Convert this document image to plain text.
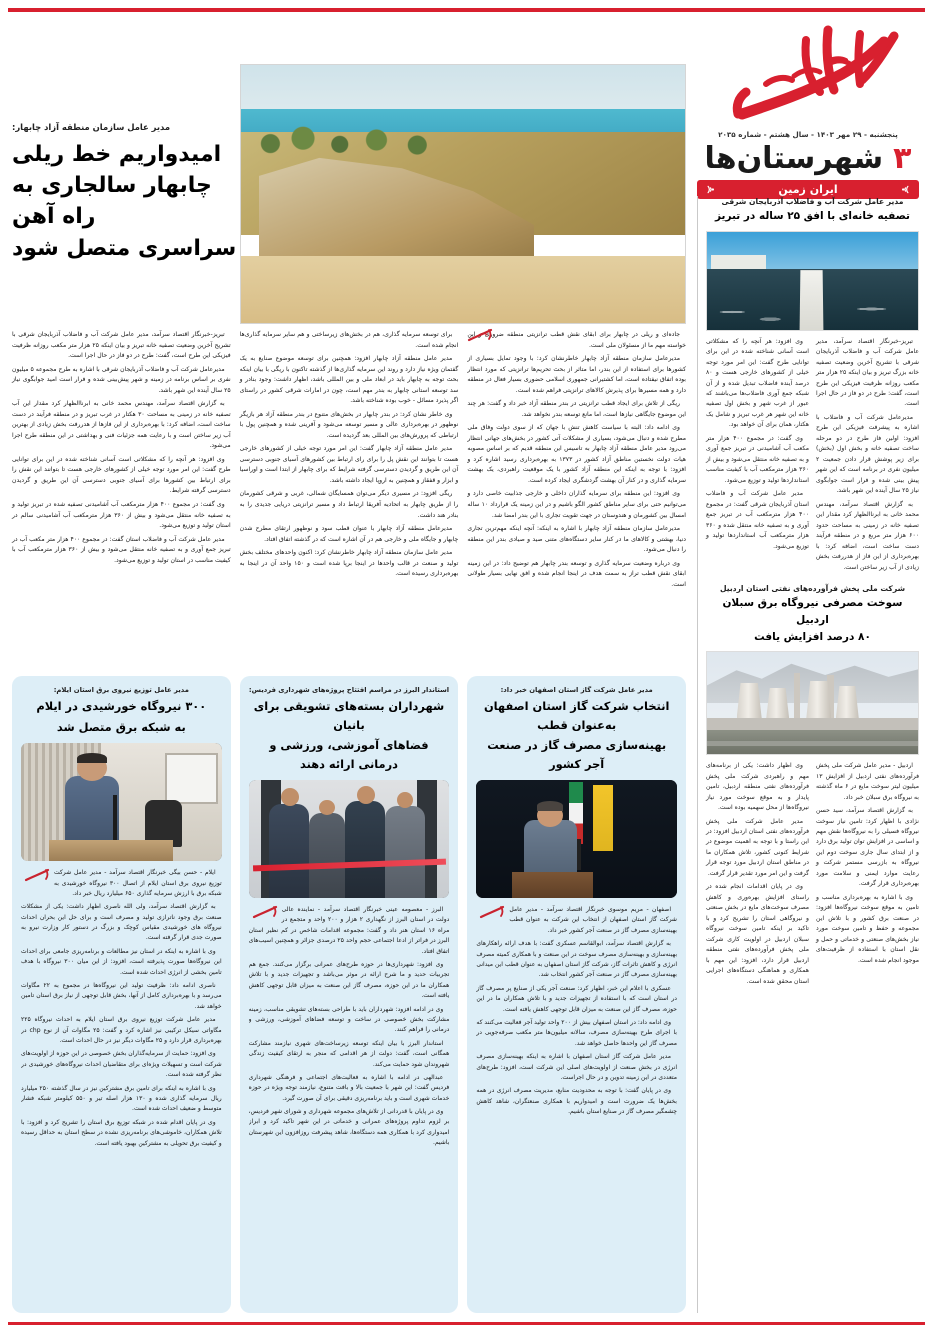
پنجشنبه - ۲۹ مهر ۱۴۰۳ - سال هشتم - شماره ۲۰۳۵
۳
شهرستان‌ها
ایران زمین
مدیر عامل شرکت آب و فاضلاب آذربایجان شرقی
تصفیه خانه‌ای با افق ۲۵ ساله در تبریز

تبریز-خبرنگار اقتصاد سرآمد، مدیر عامل شرکت آب و فاضلاب آذربایجان شرقی با تشریح آخرین وضعیت تصفیه خانه بزرگ تبریز و بیان اینکه ۲۵ هزار متر مکعب روزانه ظرفیت فیزیکی این طرح است، گفت: طرح در دو فاز در حال اجرا است.

مدیرعامل شرکت آب و فاضلاب با اشاره به پیشرفت فیزیکی این طرح افزود: اولین فاز طرح در دو مرحله ساخت تصفیه خانه و بخش اول (بخش) برای زیر پوشش قرار دادن جمعیت ۲ میلیون نفری در برنامه است که این شهر پیش بینی شده و فرار است جوابگوی نیاز ۲۵ سال آینده این شهر باشد.

به گزارش اقتصاد سرآمد، مهندس محمد خانی به ابرناالظهار کرد مقدار این تصفیه خانه در زمینی به مساحت حدود ۶۰۰ هزار متر مربع و در منطقه فرآیند دست ساخت است، اضافه کرد: با بهره‌برداری از این فاز از هدررفت بخش زیادی از آب زیر ساختن است.

وی افزود: هر آنچه را که مشکلاتی است آسانی شناخته شده در این برای توانایی طرح گفت: این امر مورد توجه خیلی از کشورهای خارجی هست و ۸۰ درصد آینده فاضلاب تبدیل شده و از آن شبکه جمع آوری فاضلاب‌ها می‌باشند که عبور از غرب شهر و بخش اول تصفیه خانه این شهر هر غرب تبریز و شامل یک هکتار، همان برای آن خواهد بود.

وی گفت: در مجموع ۴۰۰ هزار متر مکعب آب آشامیدنی در تبریز جمع آوری و به تصفیه خانه منتقل می‌شود و بیش از ۳۶۰ هزار مترمکعب آب با کیفیت مناسب استانداردها تولید و توزیع می‌شود.

مدیر عامل شرکت آب و فاضلاب استان آذربایجان شرقی گفت: در مجموع ۴۰۰ هزار مترمکعب آب در تبریز جمع آوری و به تصفیه خانه منتقل شده و ۳۶۰ هزار مترمکعب آب استانداردها تولید و توزیع می‌شود.

شرکت ملی پخش فرآورده‌های نفتی استان اردبیل
سوخت مصرفی نیروگاه برق سبلان اردبیل
۸۰ درصد افزایش یافت

اردبیل - مدیر عامل شرکت ملی پخش فرآورده‌های نفتی اردبیل از افزایش ۱۳ میلیون لیتر سوخت مایع در ۶ ماه گذشته به نیروگاه برق سبلان خبر داد.

به گزارش اقتصاد سرآمد، سید حسن نژادی با اظهار کرد: تامین نیاز سوخت نیروگاه فسیلی را به نیروگاه‌ها نقش مهم و اساسی در افزایش توان تولید برق دارد و از ابتدای سال جاری سوخت دوم این نیروگاه به بازرسی مستمر شرکت و رعایت موارد ایمنی و سلامت مورد بهره‌برداری قرار گرفت.

وی با اشاره به بهره‌برداری مناسب و تامین به موقع سوخت نیروگاه‌ها افزود: در صنعت برق کشور و با تلاش این مجموعه و حفظ و تامین سوخت مورد نیاز بخش‌های صنعتی و خدماتی و حمل و نقل استان با استفاده از ظرفیت‌های موجود انجام شده است.

وی اظهار داشت: یکی از برنامه‌های مهم و راهبردی شرکت ملی پخش فرآورده‌های نفتی منطقه اردبیل، تامین پایدار و به موقع سوخت مورد نیاز نیروگاه‌ها از محل سهمیه بوده است.

مدیر عامل شرکت ملی پخش فرآورده‌های نفتی استان اردبیل افزود: در این راستا و با توجه به اهمیت موضوع در شرایط کنونی کشور، تلاش همکاران ما در مناطق استان اردبیل مورد توجه قرار گرفت و این امر مورد تقدیر قرار گرفت.

وی در پایان اقدامات انجام شده در راستای افزایش بهره‌وری و کاهش مصرف سوخت‌های مایع در بخش صنعتی و نیروگاهی استان را تشریح کرد و با تاکید بر اینکه تامین سوخت نیروگاه سبلان اردبیل در اولویت کاری شرکت ملی پخش فرآورده‌های نفتی منطقه اردبیل قرار دارد، افزود: این مهم با همکاری و هماهنگی دستگاه‌های اجرایی استان محقق شده است.

مدیر عامل سازمان منطقه آزاد چابهار:
امیدواریم خط ریلی
چابهار سالجاری به راه آهن
سراسری متصل شود

جاده‌ای و ریلی در چابهار برای ابقای نقش قطب ترانزیتی منطقه ضروری و این خواسته مهم ما از مسئولان ملی است.

مدیرعامل سازمان منطقه آزاد چابهار خاطرنشان کرد: با وجود تمایل بسیاری از کشورها برای استفاده از این بندر، اما متاثر از بحث تحریم‌ها ترانزیتی که مورد انتظار بوده اتفاق نیفتاده است، اما کشتیرانی جمهوری اسلامی حضوری بسیار فعال در منطقه دارد و همه مسیرها برای پذیرش کالاهای ترانزیتی فراهم شده است.

ریگی از تلاش برای ایجاد قطب ترانزیتی در بندر منطقه آزاد خبر داد و گفت: هر چند این موضوع جایگاهی نیازها است، اما مانع توسعه بندر نخواهد شد.

وی ادامه داد: البته با سیاست کاهش تنش با جهان که از سوی دولت وفاق ملی مطرح شده و دنبال می‌شود، بسیاری از مشکلات آتی کشور در بخش‌های جهانی انتظار می‌رود مدیر عامل منطقه آزاد چابهار به تاسیس این منطقه قدیم که بر اساس مصوبه هیات دولت نخستین مناطق آزاد کشور در ۱۳۷۳ به بهره‌برداری رسید اشاره کرد و افزود: با توجه به اینکه این منطقه آزاد کشور با یک موقعیت راهبردی، یک بهشت سرمایه گذاری و در کنار آن بهشت گردشگری ایجاد کرده است.

وی افزود: این منطقه برای سرمایه گذاران داخلی و خارجی جذابیت خاصی دارد و می‌توانیم حتی برای سایر مناطق کشور الگو باشیم و در این زمینه یک قرارداد ۱۰ ساله امسال بین کشورمان و هندوستان در جهت تقویت تجاری با این بندر امضا شد.

مدیرعامل سازمان منطقه آزاد چابهار با اشاره به اینکه: آنچه اینکه مهم‌ترین تجاری دنیا، بهشتی و کالاهای ما در کنار سایر دستگاه‌های متنی صید و صیادی بندر این منطقه را دنبال می‌شود.

وی درباره وضعیت سرمایه گذاری و توسعه بندر چابهار هم توضیح داد: در این زمینه ابقای نقش قطب تراز به سمت هدف در اینجا انجام شده و افق نهایی بسیار طولانی است.

برای توسعه سرمایه گذاری، هم در بخش‌های زیرساختی و هم سایر سرمایه گذاری‌ها انجام شده است.

مدیر عامل منطقه آزاد چابهار افزود: همچنین برای توسعه موضوع صنایع به یک گفتمان ویژه نیاز دارد و روند این سرمایه گذاری‌ها از گذشته تاکنون با ریگی با بیان اینکه بحث توجه به چابهار باید در ابعاد ملی و بین المللی باشد، اظهار داشت: وجود بنادر و سد توسعه استانی چابهار به بندر مهم است، چون در امارات شرقی کشور در راستای اگر پذیرد مسائل - خوب بوده شناخته باشد.

وی خاطر نشان کرد: در بندر چابهار در بخش‌های متنوع در بندر منطقه آزاد هر بازیگر نوظهور در بهره‌برداری عالی و مسیر توسعه می‌شود و آفرینی شده و همچنین پول با ارتباطی که پرورش‌های بین المللی بعد گردیده است.

مدیر عامل منطقه آزاد چابهار گفت: این امر مورد توجه خیلی از کشورهای خارجی هست تا بتوانند این نقش پل را برای رای ارتباط بین کشورهای آسیای جنوبی دسترسی آن این طریق و گردیدن دسترسی گرفته شرایط که برای چابهار از ابتدا است و اوراسیا و ابزار و قفقاز و همچنین به اروپا ایجاد داشته باشد.

ریگی افزود: در مسیری دیگر می‌توان همسایگان شمالی، غربی و شرقی کشورمان را از طریق چابهار به اتحادیه آفریقا ارتباط داد و مسیر ترانزیتی دریایی جدیدی را به بنادر هند داشت.

مدیرعامل منطقه آزاد چابهار با عنوان قطب سود و نوظهور ارتقای مطرح شدن چابهار و جایگاه ملی و خارجی هم در آن اشاره است که در گذشته اتفاق افتاد.

مدیر عامل سازمان منطقه آزاد چابهار خاطرنشان کرد: اکنون واحدهای مختلف بخش تولید و صنعت در قالب واحدها در اینجا برپا شده است و ۱۵۰ واحد آن در اینجا به بهره‌برداری رسیده است.

تبریز-خبرنگار اقتصاد سرآمد، مدیر عامل شرکت آب و فاضلاب آذربایجان شرقی با تشریح آخرین وضعیت تصفیه خانه تبریز و بیان اینکه ۲۵ هزار متر مکعب روزانه ظرفیت فیزیکی این طرح است، گفت: طرح در دو فاز در حال اجرا است.

مدیرعامل شرکت آب و فاضلاب آذربایجان شرقی با اشاره به طرح مجموعه ۵ میلیون نفری بر اساس برنامه در زمینه و شهر پیش‌بینی شده و فرار است امید جوابگوی نیاز ۲۵ سال آینده این شهر باشد.

به گزارش اقتصاد سرآمد، مهندس محمد خانی به ابرناالظهار کرد مقدار این آب تصفیه خانه در زمینی به مساحت ۳۰ هکتار در غرب تبریز و در منطقه فرآیند در دست ساخت است، اضافه کرد: با بهره‌برداری از این فازها از هدررفت بخش زیادی از بهترین آب زیر ساختن است و با رعایت همه جزئیات فنی و بهداشتی در این منطقه طرح اجرا می‌شود.

وی افزود: هر آنچه را که مشکلاتی است آسانی شناخته شده در این برای توانایی طرح گفت: این امر مورد توجه خیلی از کشورهای خارجی هست تا بتوانند این نقش را برای ارتباط بین کشورها برای آسیای جنوبی دسترسی آن این طریق و گردیدن دسترسی گرفته شرایط.

وی گفت: در مجموع ۴۰۰ هزار مترمکعب آب آشامیدنی تصفیه شده در تبریز تولید و به تصفیه خانه منتقل می‌شود و بیش از ۳۶۰ هزار مترمکعب آب آشامیدنی سالم در استان تولید و توزیع می‌شود.

مدیر عامل شرکت آب و فاضلاب استان گفت: در مجموع ۴۰۰ هزار متر مکعب آب در تبریز جمع آوری و به تصفیه خانه منتقل می‌شود و بیش از ۳۶۰ هزار مترمکعب آب با کیفیت مناسب در استان تولید و توزیع می‌شود.

مدیر عامل شرکت گاز استان اصفهان خبر داد:
انتخاب شرکت گاز استان اصفهان به‌عنوان قطب
بهینه‌سازی مصرف گاز در صنعت آجر کشور

اصفهان - مریم موسوی خبرنگار اقتصاد سرآمد - مدیر عامل شرکت گاز استان اصفهان از انتخاب این شرکت به عنوان قطب بهینه‌سازی مصرف گاز در صنعت آجر کشور خبر داد.

به گزارش اقتصاد سرآمد، ابوالقاسم عسکری گفت: با هدف ارائه راهکارهای بهینه‌سازی و بهینه‌سازی مصرف سوخت در این صنعت و با همکاری کمیته مصرف انرژی و کاهش تاثرات گاز، شرکت گاز استان اصفهان به عنوان قطب این میدانی بهینه‌سازی مصرف گاز در صنعت آجر کشور انتخاب شد.

عسکری با اعلام این خبر، اظهار کرد: صنعت آجر یکی از صنایع پر مصرف گاز در استان است که با استفاده از تجهیزات جدید و با تلاش همکاران ما در این حوزه، مصرف گاز این صنعت به میزان قابل توجهی کاهش یافته است.

وی ادامه داد: در استان اصفهان بیش از ۲۰۰ واحد تولید آجر فعالیت می‌کنند که با اجرای طرح بهینه‌سازی مصرف، سالانه میلیون‌ها متر مکعب صرفه‌جویی در مصرف گاز این واحدها حاصل خواهد شد.

مدیر عامل شرکت گاز استان اصفهان با اشاره به اینکه بهینه‌سازی مصرف انرژی در بخش صنعت از اولویت‌های اصلی این شرکت است، افزود: طرح‌های متعددی در این زمینه تدوین و در حال اجراست.

وی در پایان گفت: با توجه به محدودیت منابع، مدیریت مصرف انرژی در همه بخش‌ها یک ضرورت است و امیدواریم با همکاری صنعتگران، شاهد کاهش چشمگیر مصرف گاز در صنایع استان باشیم.

استاندار البرز در مراسم افتتاح پروژه‌های شهرداری فردیس:
شهرداران بسته‌های تشویقی برای بانیان
فضاهای آموزشی، ورزشی و درمانی ارائه دهند

البرز - معصومه عینی خبرنگار اقتصاد سرآمد - نماینده عالی دولت در استان البرز از نگهداری ۲ هزار و ۲۰۰ واحد و متجمع در مراه ۱۶ استان هنر داد و گفت: مجموعه اقدامات شاخص در کم نظیر استان البرز در فراتر از ادعا اجتماعی حجم واحد ۲۵ درصدی جزائر و همچنین اسیب‌های اتفاق افتاد.

وی افزود: شهرداری‌ها در حوزه طرح‌های عمرانی برگزار می‌کنند. جمع هم تجربیات حدید و ما شرح ارائه در موثر می‌باشد و تجهیزات جدید و با تلاش همکاران ما در این حوزه، مصرف گاز این صنعت به میزان قابل توجهی کاهش یافته است.

وی در ادامه افزود: شهرداران باید با طراحی بسته‌های تشویقی مناسب، زمینه مشارکت بخش خصوصی در ساخت و توسعه فضاهای آموزشی، ورزشی و درمانی را فراهم کنند.

استاندار البرز با بیان اینکه توسعه زیرساخت‌های شهری نیازمند مشارکت همگانی است، گفت: دولت از هر اقدامی که منجر به ارتقای کیفیت زندگی شهروندان شود حمایت می‌کند.

عبدالهی در ادامه با اشاره به فعالیت‌های اجتماعی و فرهنگی شهرداری فردیس گفت: این شهر با جمعیت بالا و بافت متنوع، نیازمند توجه ویژه در حوزه خدمات شهری است و باید برنامه‌ریزی دقیقی برای آن صورت گیرد.

وی در پایان با قدردانی از تلاش‌های مجموعه شهرداری و شورای شهر فردیس، بر لزوم تداوم پروژه‌های عمرانی و خدماتی در این شهر تاکید کرد و ابراز امیدواری کرد با همکاری همه دستگاه‌ها، شاهد پیشرفت روزافزون این شهرستان باشیم.

مدیر عامل توزیع نیروی برق استان ایلام:
۳۰۰ نیروگاه خورشیدی در ایلام
به شبکه برق متصل شد

ایلام - حسن بیگی خبرنگار اقتصاد سرآمد - مدیر عامل شرکت توزیع نیروی برق استان ایلام از اتصال ۳۰۰ نیروگاه خورشیدی به شبکه برق با ارزش سرمایه گذاری ۶۵۰ میلیارد ریال خبر داد.

به گزارش اقتصاد سرآمد، ولی الله ناصری اظهار داشت: یکی از مشکلات صنعت برق وجود ناترازی تولید و مصرف است و برای حل این بحران احداث نیروگاه های خورشیدی مقیاس کوچک و بزرگ در دستور کار وزارت نیرو به صورت جدی قرار گرفته است.

وی با اشاره به اینکه در استان نیز مطالعات و برنامه‌ریزی جامعی برای احداث این نیروگاه‌ها صورت پذیرفته است، افزود: از این میان ۳۰۰ نیروگاه با هدف تامین بخشی از انرژی احداث شده است.

ناصری ادامه داد: ظرفیت تولید این نیروگاه‌ها در مجموع به ۲۲ مگاوات می‌رسد و با بهره‌برداری کامل از آنها، بخش قابل توجهی از نیاز برق استان تامین خواهد شد.

مدیر عامل شرکت توزیع نیروی برق استان ایلام به احداث نیروگاه ۲۲۵ مگاواتی سیکل ترکیبی نیز اشاره کرد و گفت: ۲۵ مگاوات آن از نوع chp در بهره‌برداری قرار دارد و ۲۵ مگاوات دیگر نیز در حال احداث است.

وی افزود: حمایت از سرمایه‌گذاران بخش خصوصی در این حوزه از اولویت‌های شرکت است و تسهیلات ویژه‌ای برای متقاضیان احداث نیروگاه‌های خورشیدی در نظر گرفته شده است.

وی با اشاره به اینکه برای تامین برق مشترکین نیز در سال گذشته ۲۵۰ میلیارد ریال سرمایه گذاری شده و ۱۳۰ هزار اصله تیر و ۵۵۰ کیلومتر شبکه فشار متوسط و ضعیف احداث شده است.

وی در پایان اقدام شده در شبکه توزیع برق استان را تشریح کرد و افزود: با تلاش همکاران، خاموشی‌های برنامه‌ریزی نشده در سطح استان به حداقل رسیده و کیفیت برق تحویلی به مشترکین بهبود یافته است.
